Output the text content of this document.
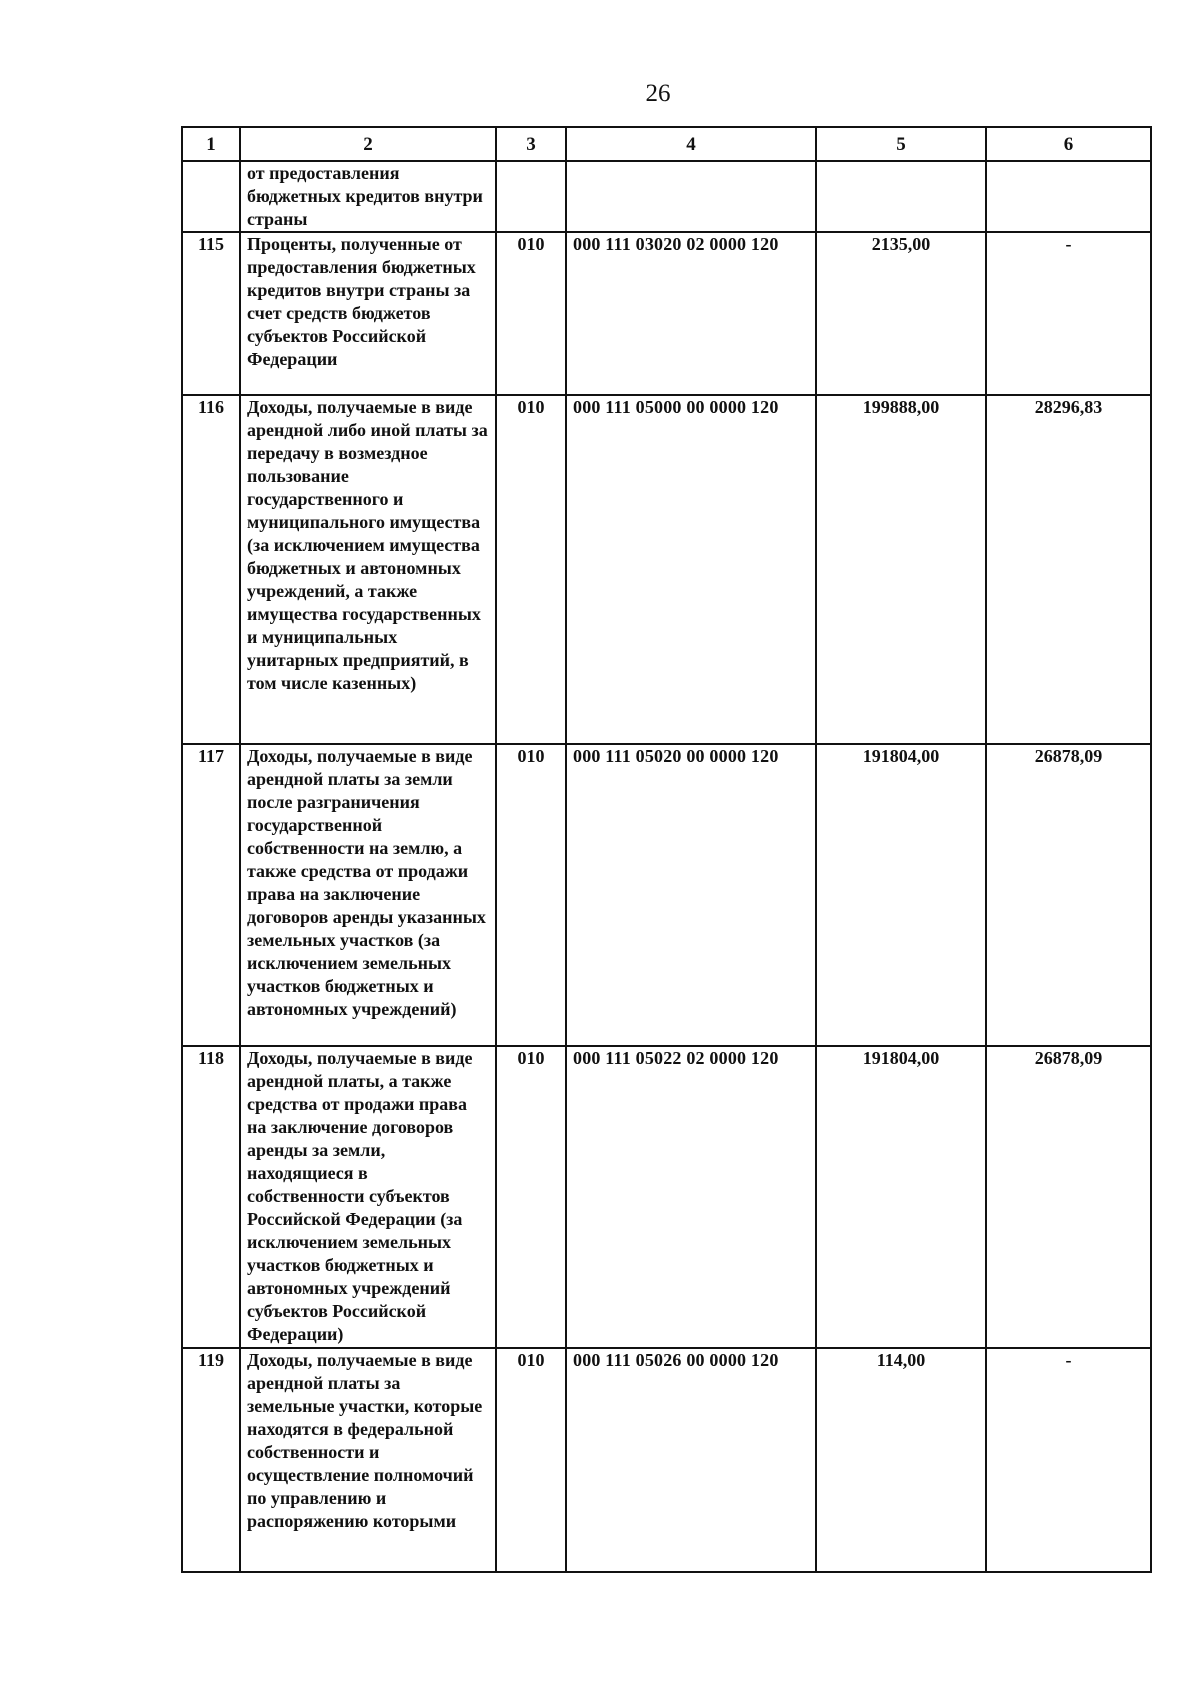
26
1	2	3	4	5	6
	от предоставления бюджетных кредитов внутри страны				
115	Проценты, полученные от предоставления бюджетных кредитов внутри страны за счет средств бюджетов субъектов Российской Федерации	010	000 111 03020 02 0000 120	2135,00	-
116	Доходы, получаемые в виде арендной либо иной платы за передачу в возмездное пользование государственного и муниципального имущества (за исключением имущества бюджетных и автономных учреждений, а также имущества государственных и муниципальных унитарных предприятий, в том числе казенных)	010	000 111 05000 00 0000 120	199888,00	28296,83
117	Доходы, получаемые в виде арендной платы за земли после разграничения государственной собственности на землю, а также средства от продажи права на заключение договоров аренды указанных земельных участков (за исключением земельных участков бюджетных и автономных учреждений)	010	000 111 05020 00 0000 120	191804,00	26878,09
118	Доходы, получаемые в виде арендной платы, а также средства от продажи права на заключение договоров аренды за земли, находящиеся в собственности субъектов Российской Федерации (за исключением земельных участков бюджетных и автономных учреждений субъектов Российской Федерации)	010	000 111 05022 02 0000 120	191804,00	26878,09
119	Доходы, получаемые в виде арендной платы за земельные участки, которые находятся в федеральной собственности и осуществление полномочий по управлению и распоряжению которыми	010	000 111 05026 00 0000 120	114,00	-
